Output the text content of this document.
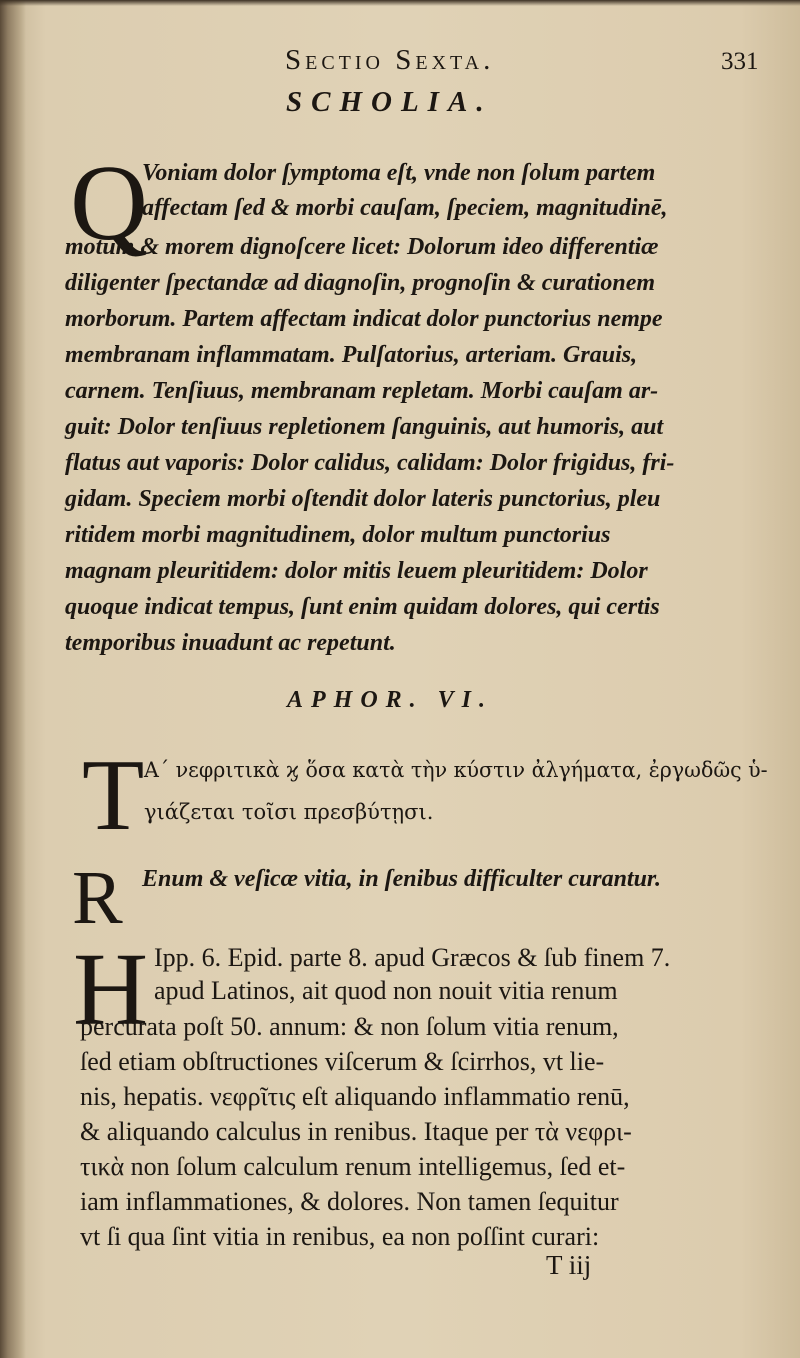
Sectio Sexta.	331
SCHOLIA.
Q
Voniam dolor ſymptoma eſt, vnde non ſolum partem
affectam ſed & morbi cauſam, ſpeciem, magnitudinē,
motum & morem dignoſcere licet: Dolorum ideo differentiæ
diligenter ſpectandæ ad diagnoſin, prognoſin & curationem
morborum. Partem affectam indicat dolor punctorius nempe
membranam inflammatam. Pulſatorius, arteriam. Grauis,
carnem. Tenſiuus, membranam repletam. Morbi cauſam ar-
guit: Dolor tenſiuus repletionem ſanguinis, aut humoris, aut
flatus aut vaporis: Dolor calidus, calidam: Dolor frigidus, fri-
gidam. Speciem morbi oſtendit dolor lateris punctorius, pleu
ritidem morbi magnitudinem, dolor multum punctorius
magnam pleuritidem: dolor mitis leuem pleuritidem: Dolor
quoque indicat tempus, ſunt enim quidam dolores, qui certis
temporibus inuadunt ac repetunt.
APHOR. VI.
T Α΄ νεφριτικὰ ϗ ὅσα κατὰ τὴν κύστιν ἀλγήματα, ἐργωδῶς ὑ-
γιάζεται τοῖσι πρεσβύτῃσι.
R Enum & veſicæ vitia, in ſenibus difficulter curantur.
H Ipp. 6. Epid. parte 8. apud Græcos & ſub finem 7.
apud Latinos, ait quod non nouit vitia renum
percurata poſt 50. annum: & non ſolum vitia renum,
ſed etiam obſtructiones viſcerum & ſcirrhos, vt lie-
nis, hepatis. νεφρῖτις eſt aliquando inflammatio renū,
& aliquando calculus in renibus. Itaque per τὰ νεφρι-
τικὰ non ſolum calculum renum intelligemus, ſed et-
iam inflammationes, & dolores. Non tamen ſequitur
vt ſi qua ſint vitia in renibus, ea non poſſint curari:
T iij
